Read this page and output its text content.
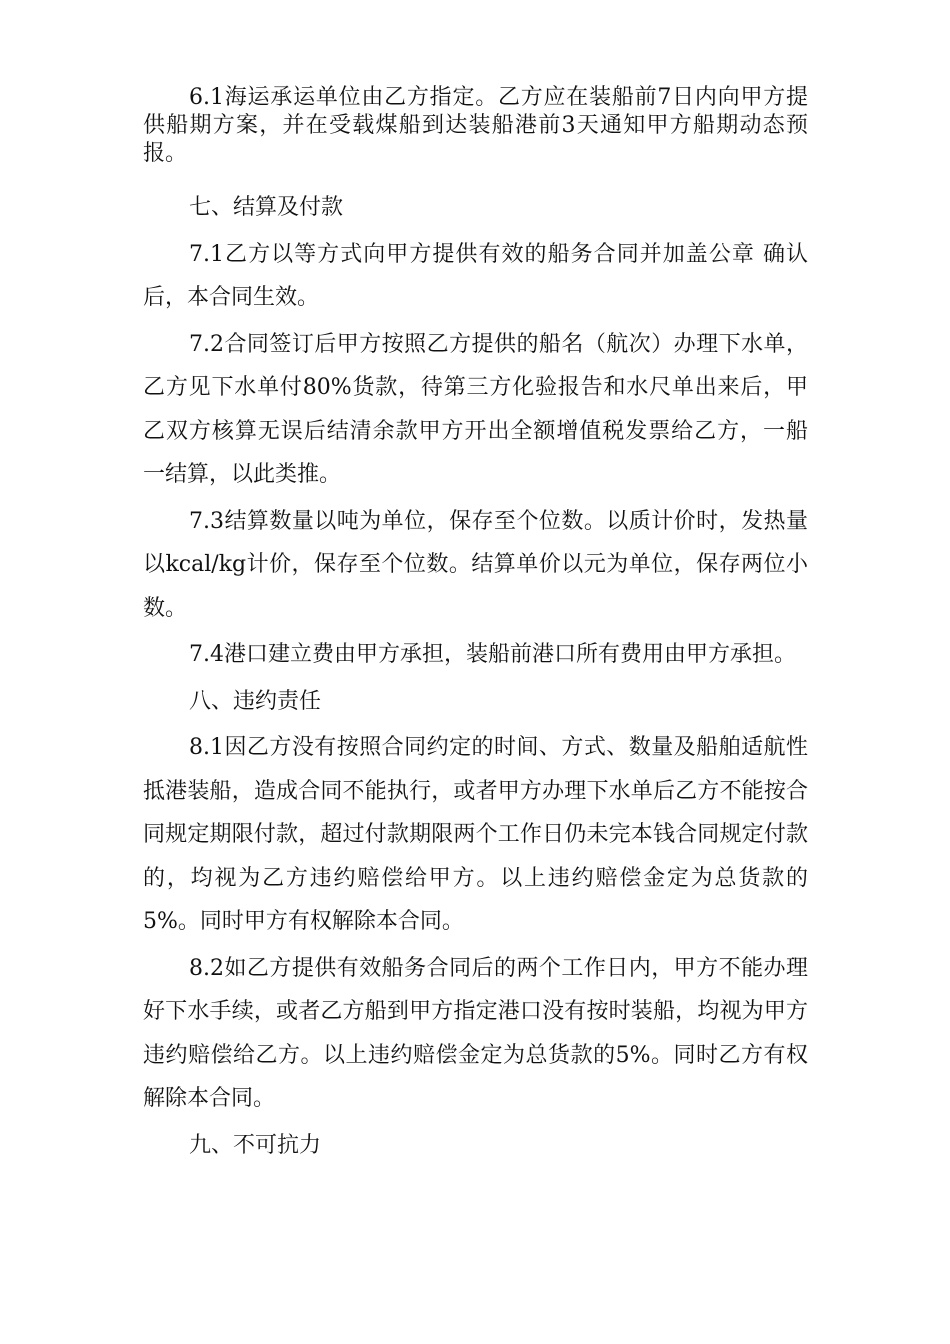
6.1海运承运单位由乙方指定。乙方应在装船前7日内向甲方提供船期方案，并在受载煤船到达装船港前3天通知甲方船期动态预报。

七、结算及付款

7.1乙方以等方式向甲方提供有效的船务合同并加盖公章 确认后，本合同生效。

7.2合同签订后甲方按照乙方提供的船名（航次）办理下水单， 乙方见下水单付80%货款，待第三方化验报告和水尺单出来后，甲 乙双方核算无误后结清余款甲方开出全额增值税发票给乙方，一船 一结算，以此类推。

7.3结算数量以吨为单位，保存至个位数。以质计价时，发热量以kcal/kg计价，保存至个位数。结算单价以元为单位，保存两位小数。

7.4港口建立费由甲方承担，装船前港口所有费用由甲方承担。

八、违约责任

8.1因乙方没有按照合同约定的时间、方式、数量及船舶适航性抵港装船，造成合同不能执行，或者甲方办理下水单后乙方不能按合同规定期限付款，超过付款期限两个工作日仍未完本钱合同规定付款的，均视为乙方违约赔偿给甲方。以上违约赔偿金定为总货款的5%。同时甲方有权解除本合同。

8.2如乙方提供有效船务合同后的两个工作日内，甲方不能办理好下水手续，或者乙方船到甲方指定港口没有按时装船，均视为甲方违约赔偿给乙方。以上违约赔偿金定为总货款的5%。同时乙方有权解除本合同。

九、不可抗力
